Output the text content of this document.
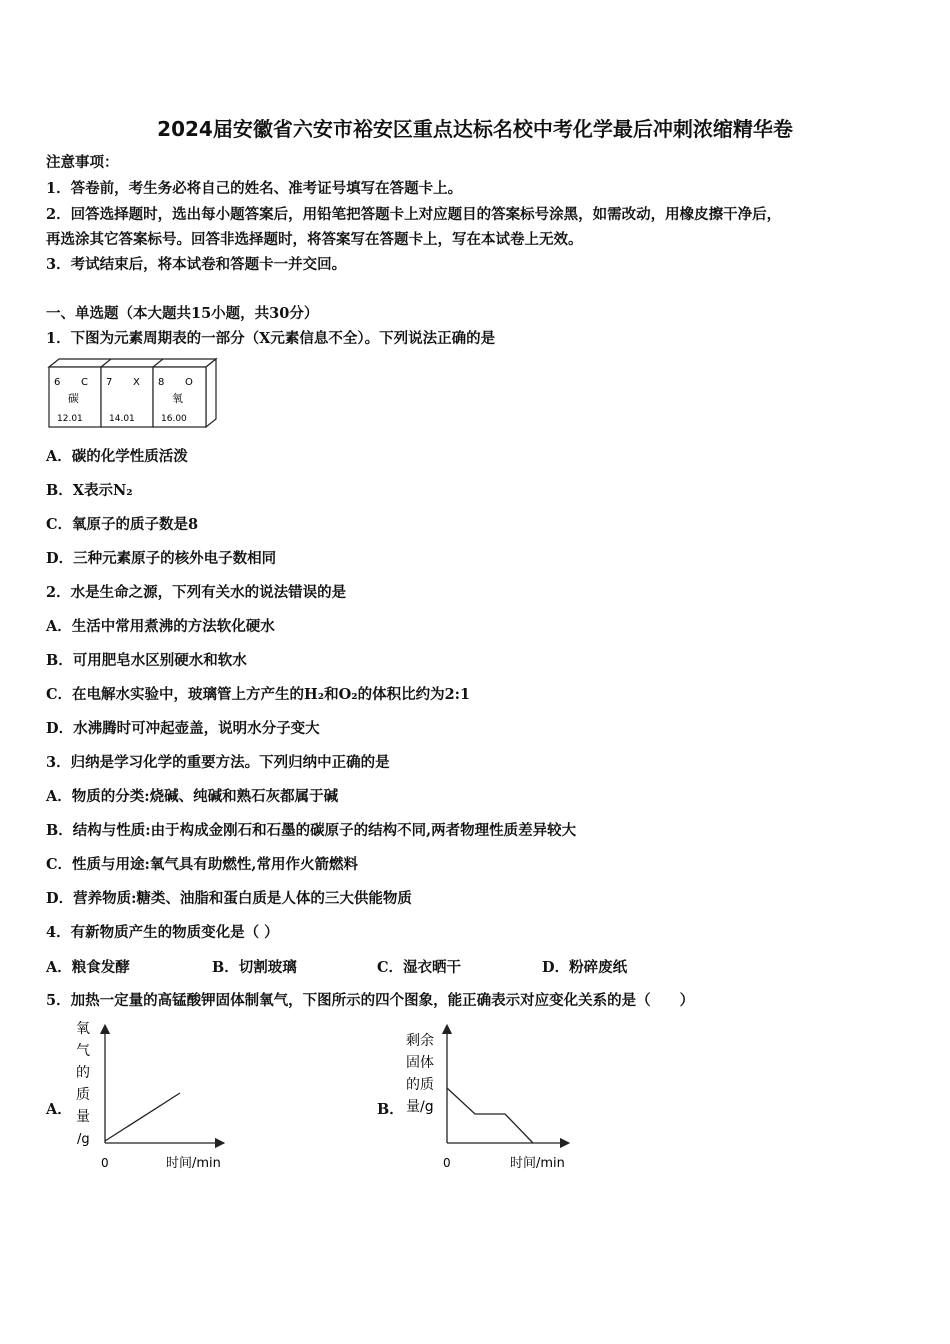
2024届安徽省六安市裕安区重点达标名校中考化学最后冲刺浓缩精华卷
注意事项：
1．答卷前，考生务必将自己的姓名、准考证号填写在答题卡上。
2．回答选择题时，选出每小题答案后，用铅笔把答题卡上对应题目的答案标号涂黑，如需改动，用橡皮擦干净后，
再选涂其它答案标号。回答非选择题时，将答案写在答题卡上，写在本试卷上无效。
3．考试结束后，将本试卷和答题卡一并交回。
一、单选题（本大题共15小题，共30分）
1．下图为元素周期表的一部分（X元素信息不全）。下列说法正确的是
6 C
碳
12.01
7 X
14.01
8 O
氧
16.00
A．碳的化学性质活泼
B．X表示N₂
C．氧原子的质子数是8
D．三种元素原子的核外电子数相同
2．水是生命之源，下列有关水的说法错误的是
A．生活中常用煮沸的方法软化硬水
B．可用肥皂水区别硬水和软水
C．在电解水实验中，玻璃管上方产生的H₂和O₂的体积比约为2:1
D．水沸腾时可冲起壶盖，说明水分子变大
3．归纳是学习化学的重要方法。下列归纳中正确的是
A．物质的分类:烧碱、纯碱和熟石灰都属于碱
B．结构与性质:由于构成金刚石和石墨的碳原子的结构不同,两者物理性质差异较大
C．性质与用途:氧气具有助燃性,常用作火箭燃料
D．营养物质:糖类、油脂和蛋白质是人体的三大供能物质
4．有新物质产生的物质变化是（ ）
A．粮食发酵	B．切割玻璃	C．湿衣晒干	D．粉碎废纸
5．加热一定量的高锰酸钾固体制氧气，下图所示的四个图象，能正确表示对应变化关系的是（　　）
A．
氧
气
的
质
量
/g
0	时间/min
B．
剩余
固体
的质
量/g
0	时间/min
